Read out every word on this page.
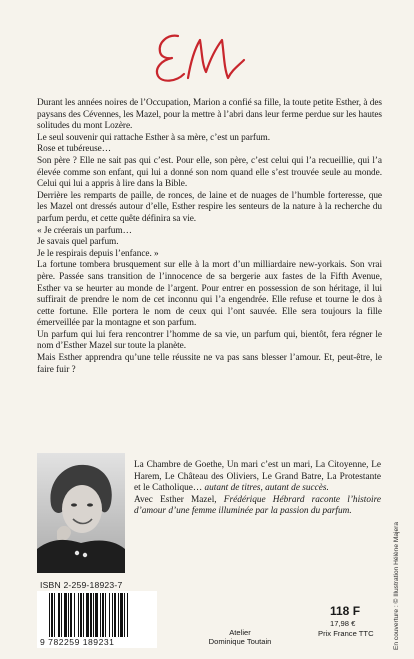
Durant les années noires de l’Occupation, Marion a confié sa fille, la toute petite Esther, à des paysans des Cévennes, les Mazel, pour la mettre à l’abri dans leur ferme perdue sur les hautes solitudes du mont Lozère.

Le seul souvenir qui rattache Esther à sa mère, c’est un parfum.

Rose et tubéreuse…

Son père ? Elle ne sait pas qui c’est. Pour elle, son père, c’est celui qui l’a recueillie, qui l’a élevée comme son enfant, qui lui a donné son nom quand elle s’est trouvée seule au monde. Celui qui lui a appris à lire dans la Bible.

Derrière les remparts de paille, de ronces, de laine et de nuages de l’humble forteresse, que les Mazel ont dressés autour d’elle, Esther respire les senteurs de la nature à la recherche du parfum perdu, et cette quête définira sa vie.

« Je créerais un parfum…

Je savais quel parfum.

Je le respirais depuis l’enfance. »

La fortune tombera brusquement sur elle à la mort d’un milliardaire new-yorkais. Son vrai père. Passée sans transition de l’innocence de sa bergerie aux fastes de la Fifth Avenue, Esther va se heurter au monde de l’argent. Pour entrer en possession de son héritage, il lui suffirait de prendre le nom de cet inconnu qui l’a engendrée. Elle refuse et tourne le dos à cette fortune. Elle portera le nom de ceux qui l’ont sauvée. Elle sera toujours la fille émerveillée par la montagne et son parfum.

Un parfum qui lui fera rencontrer l’homme de sa vie, un parfum qui, bientôt, fera régner le nom d’Esther Mazel sur toute la planète.

Mais Esther apprendra qu’une telle réussite ne va pas sans blesser l’amour. Et, peut-être, le faire fuir ?

La Chambre de Goethe, Un mari c’est un mari, La Citoyenne, Le Harem, Le Château des Oliviers, Le Grand Batre, La Protestante et le Catholique… autant de titres, autant de succès.
Avec Esther Mazel, Frédérique Hébrard raconte l’histoire d’amour d’une femme illuminée par la passion du parfum.
ISBN 2-259-18923-7
9 782259 189231
Atelier
Dominique Toutain
118 F
17,98 €
Prix France TTC	En couverture : © Illustration Hélène Majera
